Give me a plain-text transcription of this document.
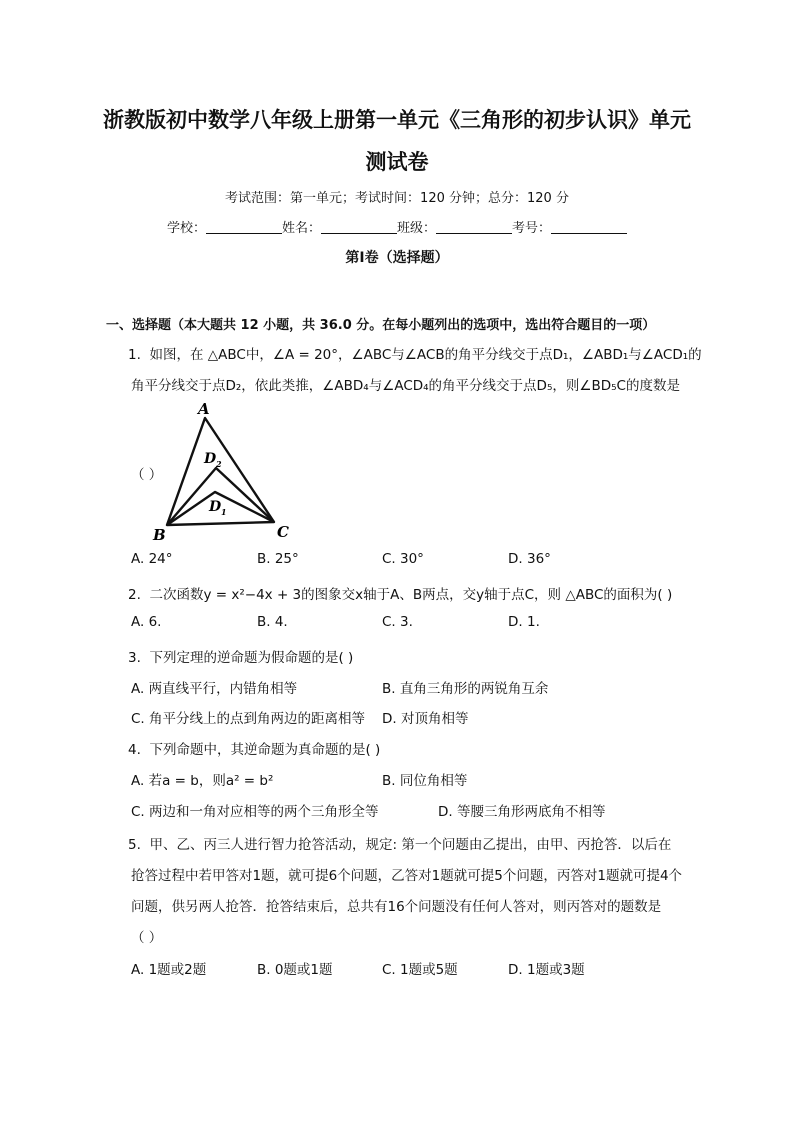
浙教版初中数学八年级上册第一单元《三角形的初步认识》单元
测试卷
考试范围：第一单元；考试时间：120 分钟；总分：120 分
学校：	姓名：	班级：	考号：
第Ⅰ卷（选择题）
一、选择题（本大题共 12 小题，共 36.0 分。在每小题列出的选项中，选出符合题目的一项）
1. 如图，在 △ABC中，∠A = 20°，∠ABC与∠ACB的角平分线交于点D₁，∠ABD₁与∠ACD₁的
角平分线交于点D₂，依此类推，∠ABD₄与∠ACD₄的角平分线交于点D₅，则∠BD₅C的度数是
A
B	C
D 2
D 1
（ ）
A. 24°	B. 25°	C. 30°	D. 36°
2. 二次函数y = x²−4x + 3的图象交x轴于A、B两点，交y轴于点C，则 △ABC的面积为( )
A. 6.	B. 4.	C. 3.	D. 1.
3. 下列定理的逆命题为假命题的是( )
A. 两直线平行，内错角相等	B. 直角三角形的两锐角互余
C. 角平分线上的点到角两边的距离相等 D. 对顶角相等
4. 下列命题中，其逆命题为真命题的是( )
A. 若a = b，则a² = b²	B. 同位角相等
C. 两边和一角对应相等的两个三角形全等	D. 等腰三角形两底角不相等
5. 甲、乙、丙三人进行智力抢答活动，规定: 第一个问题由乙提出，由甲、丙抢答．以后在
抢答过程中若甲答对1题，就可提6个问题，乙答对1题就可提5个问题，丙答对1题就可提4个
问题，供另两人抢答．抢答结束后，总共有16个问题没有任何人答对，则丙答对的题数是
（ ）
A. 1题或2题	B. 0题或1题	C. 1题或5题	D. 1题或3题
